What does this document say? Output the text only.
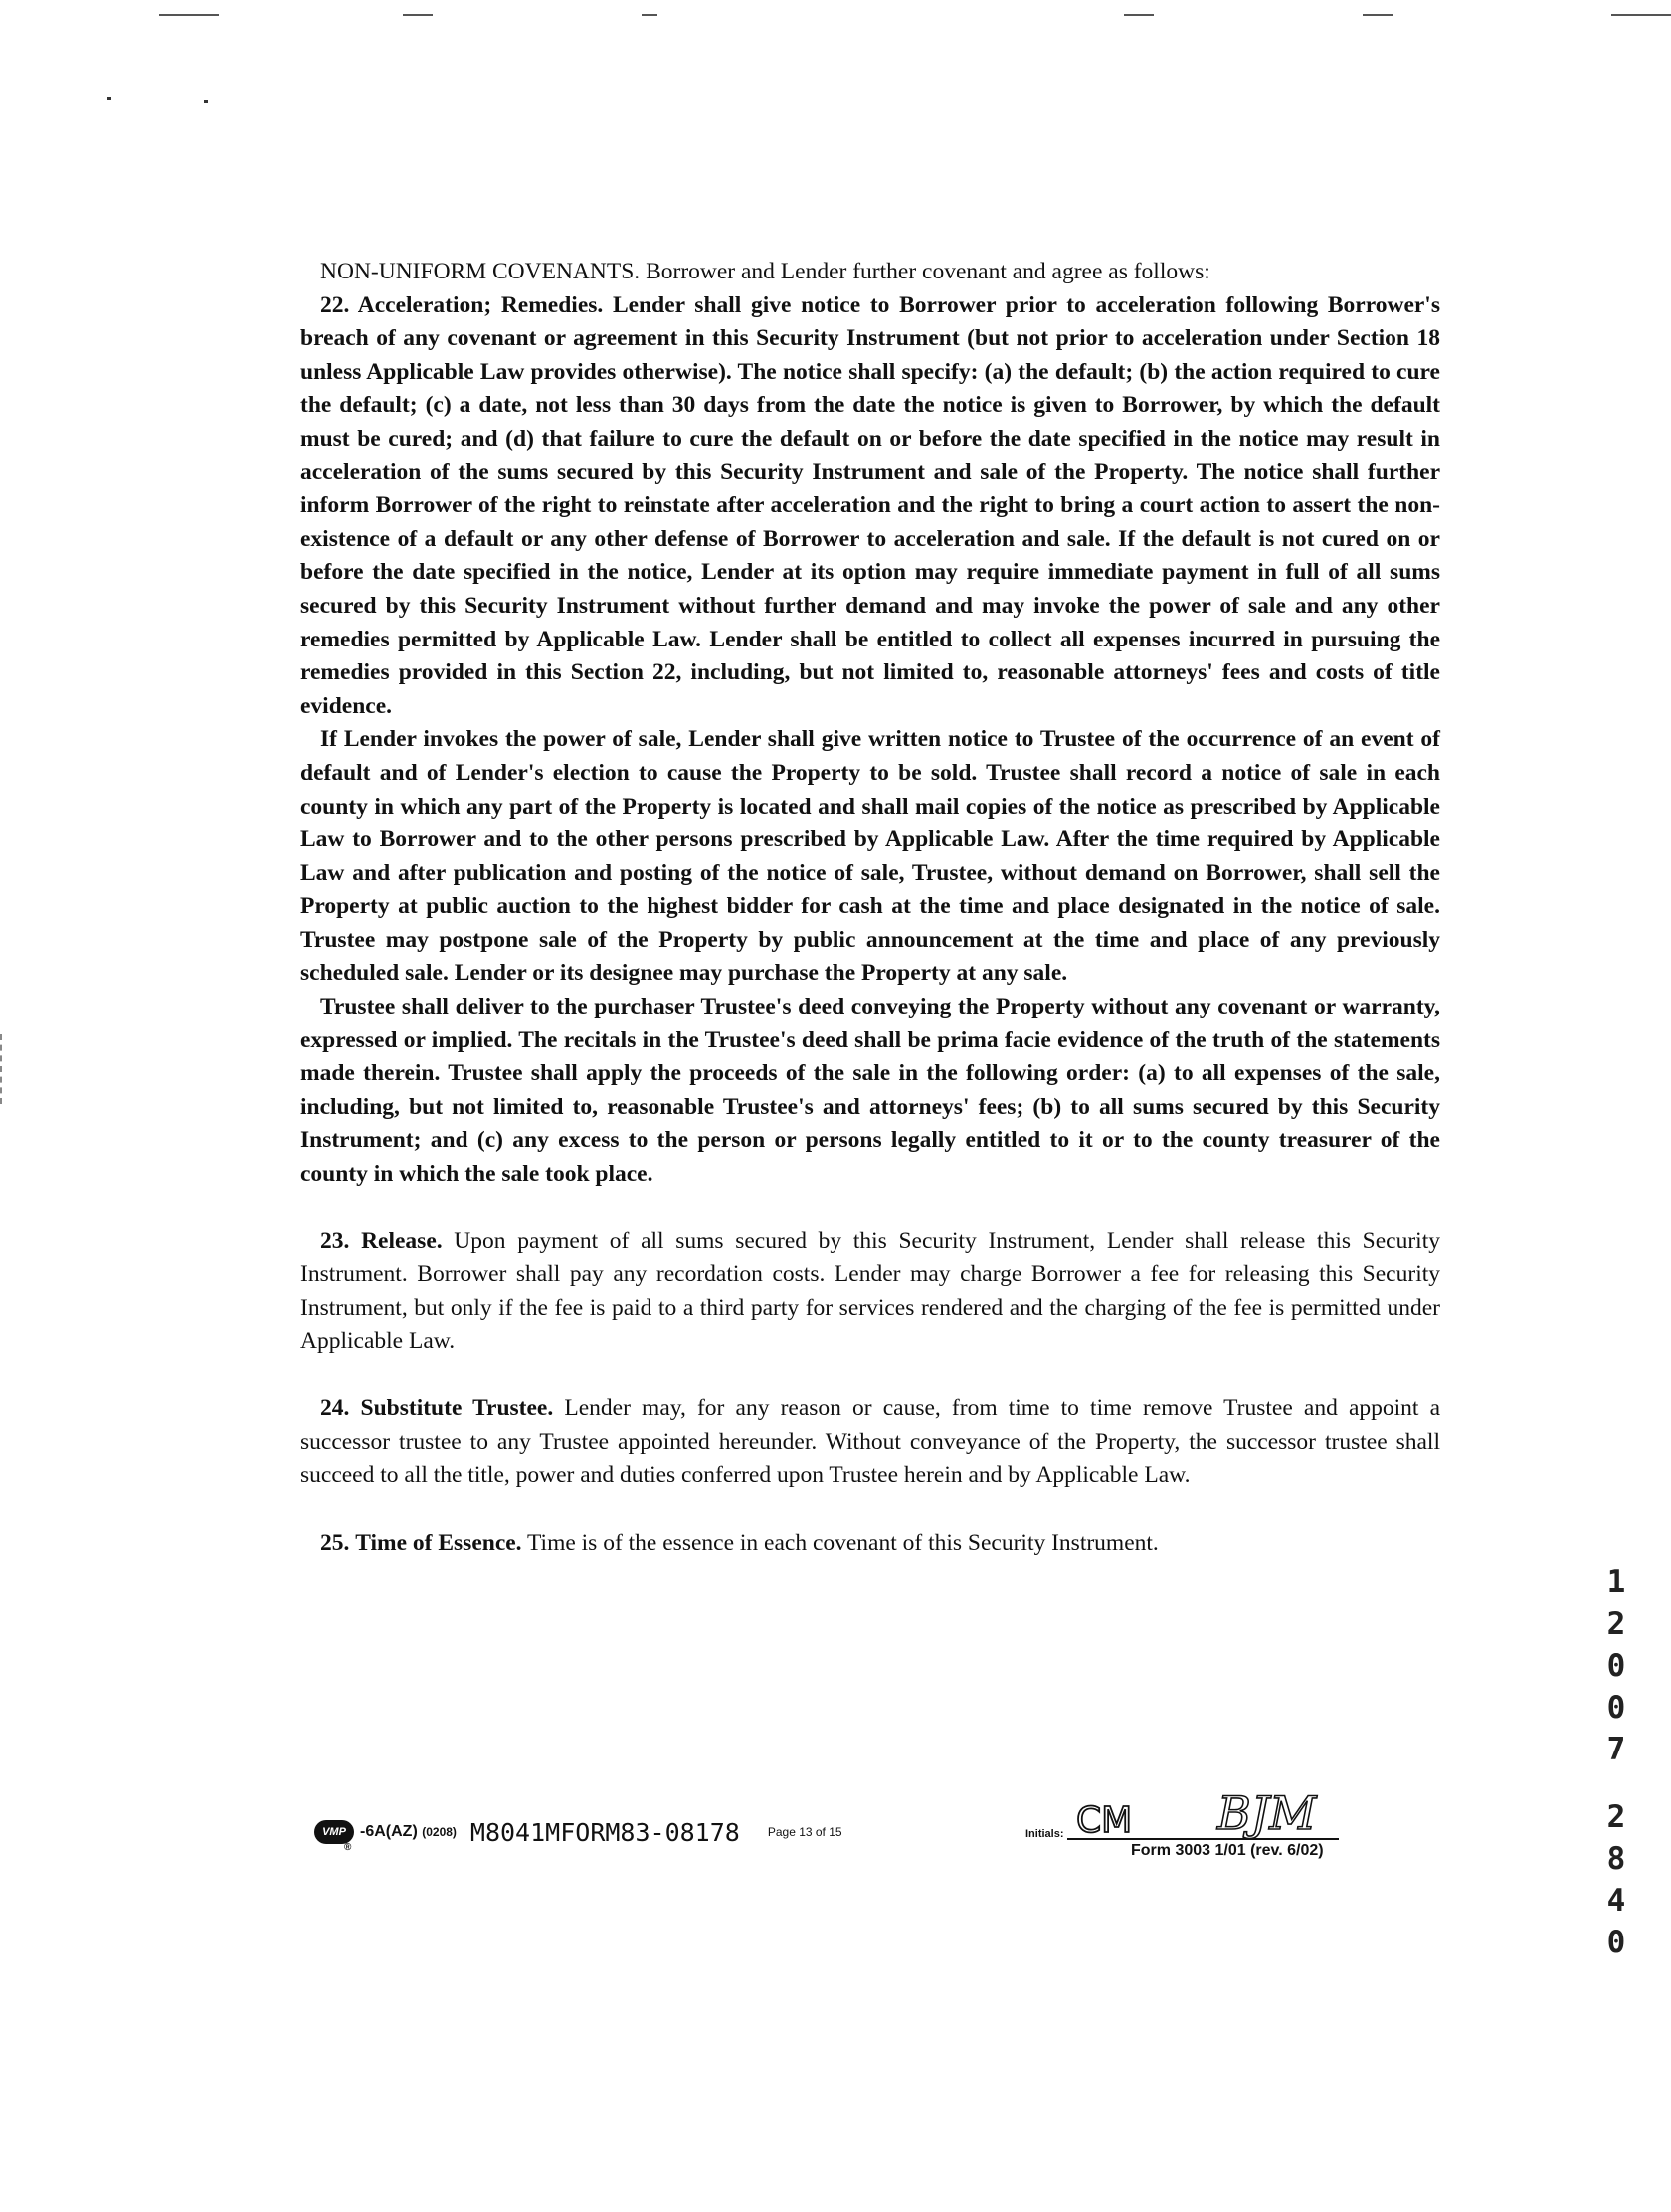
NON-UNIFORM COVENANTS. Borrower and Lender further covenant and agree as follows:

22. Acceleration; Remedies. Lender shall give notice to Borrower prior to acceleration following Borrower's breach of any covenant or agreement in this Security Instrument (but not prior to acceleration under Section 18 unless Applicable Law provides otherwise). The notice shall specify: (a) the default; (b) the action required to cure the default; (c) a date, not less than 30 days from the date the notice is given to Borrower, by which the default must be cured; and (d) that failure to cure the default on or before the date specified in the notice may result in acceleration of the sums secured by this Security Instrument and sale of the Property. The notice shall further inform Borrower of the right to reinstate after acceleration and the right to bring a court action to assert the non-existence of a default or any other defense of Borrower to acceleration and sale. If the default is not cured on or before the date specified in the notice, Lender at its option may require immediate payment in full of all sums secured by this Security Instrument without further demand and may invoke the power of sale and any other remedies permitted by Applicable Law. Lender shall be entitled to collect all expenses incurred in pursuing the remedies provided in this Section 22, including, but not limited to, reasonable attorneys' fees and costs of title evidence.

If Lender invokes the power of sale, Lender shall give written notice to Trustee of the occurrence of an event of default and of Lender's election to cause the Property to be sold. Trustee shall record a notice of sale in each county in which any part of the Property is located and shall mail copies of the notice as prescribed by Applicable Law to Borrower and to the other persons prescribed by Applicable Law. After the time required by Applicable Law and after publication and posting of the notice of sale, Trustee, without demand on Borrower, shall sell the Property at public auction to the highest bidder for cash at the time and place designated in the notice of sale. Trustee may postpone sale of the Property by public announcement at the time and place of any previously scheduled sale. Lender or its designee may purchase the Property at any sale.

Trustee shall deliver to the purchaser Trustee's deed conveying the Property without any covenant or warranty, expressed or implied. The recitals in the Trustee's deed shall be prima facie evidence of the truth of the statements made therein. Trustee shall apply the proceeds of the sale in the following order: (a) to all expenses of the sale, including, but not limited to, reasonable Trustee's and attorneys' fees; (b) to all sums secured by this Security Instrument; and (c) any excess to the person or persons legally entitled to it or to the county treasurer of the county in which the sale took place.

23. Release. Upon payment of all sums secured by this Security Instrument, Lender shall release this Security Instrument. Borrower shall pay any recordation costs. Lender may charge Borrower a fee for releasing this Security Instrument, but only if the fee is paid to a third party for services rendered and the charging of the fee is permitted under Applicable Law.

24. Substitute Trustee. Lender may, for any reason or cause, from time to time remove Trustee and appoint a successor trustee to any Trustee appointed hereunder. Without conveyance of the Property, the successor trustee shall succeed to all the title, power and duties conferred upon Trustee herein and by Applicable Law.

25. Time of Essence. Time is of the essence in each covenant of this Security Instrument.

1
2
0
0
7
2
8
4
0
VMP
®
-6A(AZ) (0208) M8041MFORM83-08178 Page 13 of 15	Initials: CM BJM
Form 3003 1/01 (rev. 6/02)
